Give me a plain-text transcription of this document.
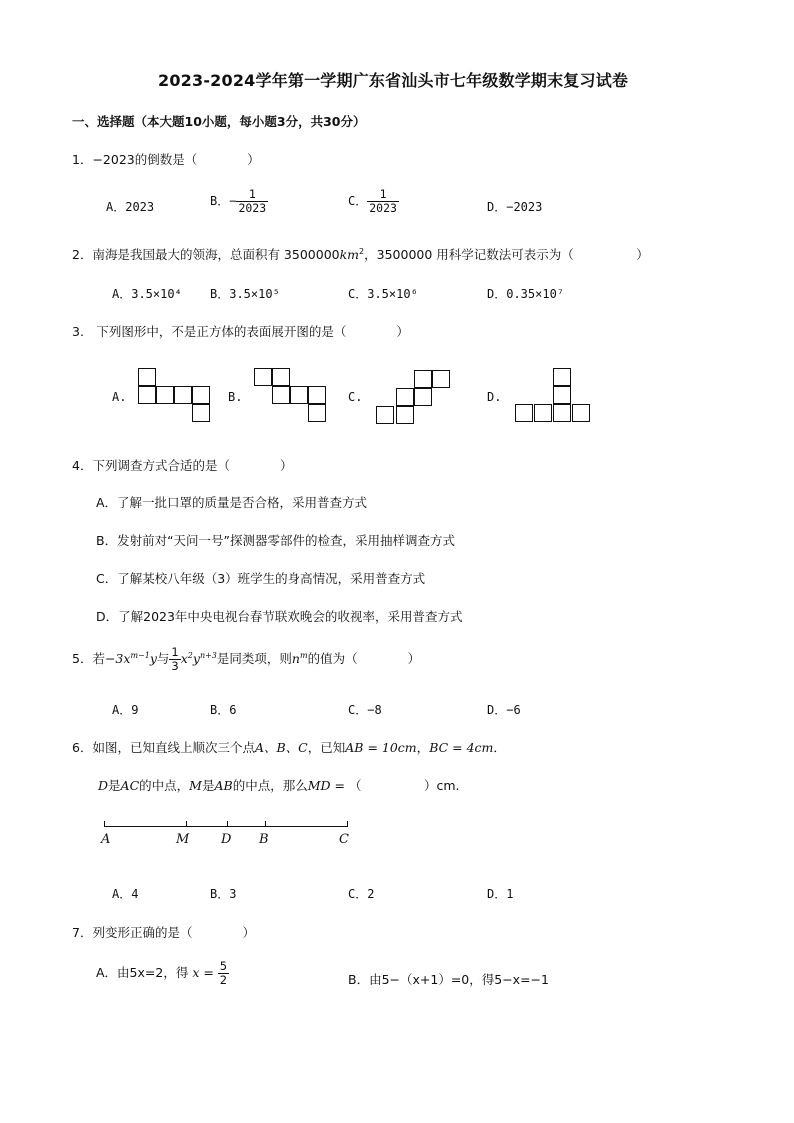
2023-2024学年第一学期广东省汕头市七年级数学期末复习试卷
一、选择题（本大题10小题，每小题3分，共30分）
1．−2023的倒数是（　　　　）
A．2023	B．− $\frac{1}{2023}$	C． $\frac{1}{2023}$	D．−2023
2．南海是我国最大的领海，总面积有 $3500000km^2$，3500000 用科学记数法可表示为（　　　　　）
A．3.5×10⁴ B．3.5×10⁵	C．3.5×10⁶	D．0.35×10⁷
3.　下列图形中，不是正方体的表面展开图的是（　　　　）
A.	B.	C.	D.
4．下列调查方式合适的是（　　　　）
A．了解一批口罩的质量是否合格，采用普查方式
B．发射前对“天问一号”探测器零部件的检查，采用抽样调查方式
C．了解某校八年级（3）班学生的身高情况，采用普查方式
D．了解2023年中央电视台春节联欢晚会的收视率，采用普查方式
5．若$-3x^{m-1}y$与 $\frac{1}{3} x^2y^{n+3}$是同类项，则$n^m$的值为（　　　　）
A．9	B．6	C．−8	D．−6
6．如图，已知直线上顺次三个点A、B、C，已知AB = 10cm，BC = 4cm．
D是AC的中点，M是AB的中点，那么MD = （　　　　　）cm.
A	M D B	C
A．4	B．3	C．2	D．1
7．列变形正确的是（　　　　）
A．由5x=2，得 $x = \frac{5}{2}$	B．由5−（x+1）=0，得5−x=−1
